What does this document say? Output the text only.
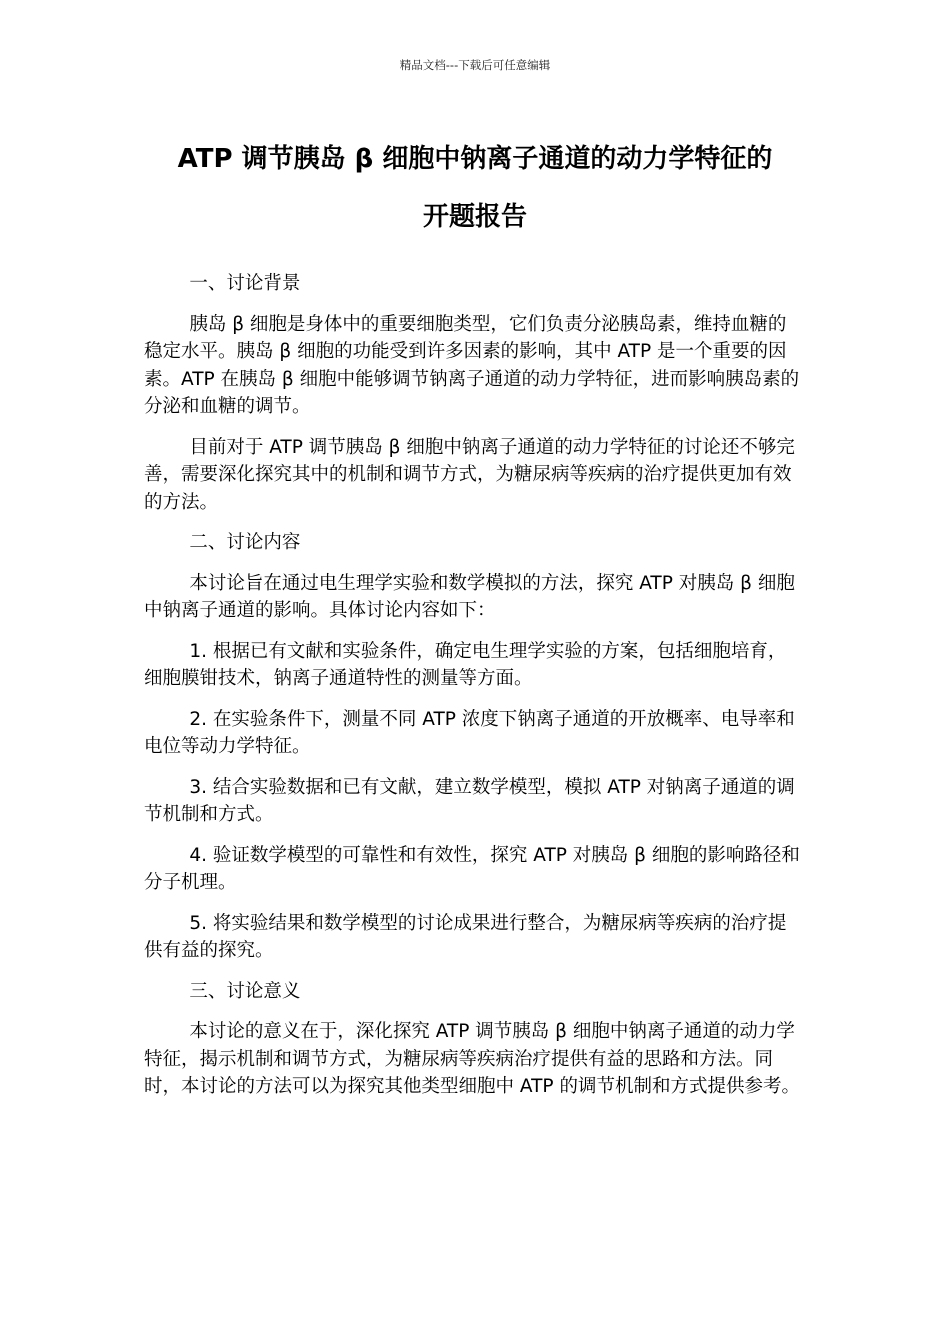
精品文档---下载后可任意编辑
ATP 调节胰岛 β 细胞中钠离子通道的动力学特征的
开题报告

一、讨论背景

胰岛 β 细胞是身体中的重要细胞类型，它们负责分泌胰岛素，维持血糖的稳定水平。胰岛 β 细胞的功能受到许多因素的影响，其中 ATP 是一个重要的因素。ATP 在胰岛 β 细胞中能够调节钠离子通道的动力学特征，进而影响胰岛素的分泌和血糖的调节。

目前对于 ATP 调节胰岛 β 细胞中钠离子通道的动力学特征的讨论还不够完善，需要深化探究其中的机制和调节方式，为糖尿病等疾病的治疗提供更加有效的方法。

二、讨论内容

本讨论旨在通过电生理学实验和数学模拟的方法，探究 ATP 对胰岛 β 细胞中钠离子通道的影响。具体讨论内容如下：

1. 根据已有文献和实验条件，确定电生理学实验的方案，包括细胞培育，细胞膜钳技术，钠离子通道特性的测量等方面。

2. 在实验条件下，测量不同 ATP 浓度下钠离子通道的开放概率、电导率和电位等动力学特征。

3. 结合实验数据和已有文献，建立数学模型，模拟 ATP 对钠离子通道的调节机制和方式。

4. 验证数学模型的可靠性和有效性，探究 ATP 对胰岛 β 细胞的影响路径和分子机理。

5. 将实验结果和数学模型的讨论成果进行整合，为糖尿病等疾病的治疗提供有益的探究。

三、讨论意义

本讨论的意义在于，深化探究 ATP 调节胰岛 β 细胞中钠离子通道的动力学特征，揭示机制和调节方式，为糖尿病等疾病治疗提供有益的思路和方法。同时，本讨论的方法可以为探究其他类型细胞中 ATP 的调节机制和方式提供参考。
